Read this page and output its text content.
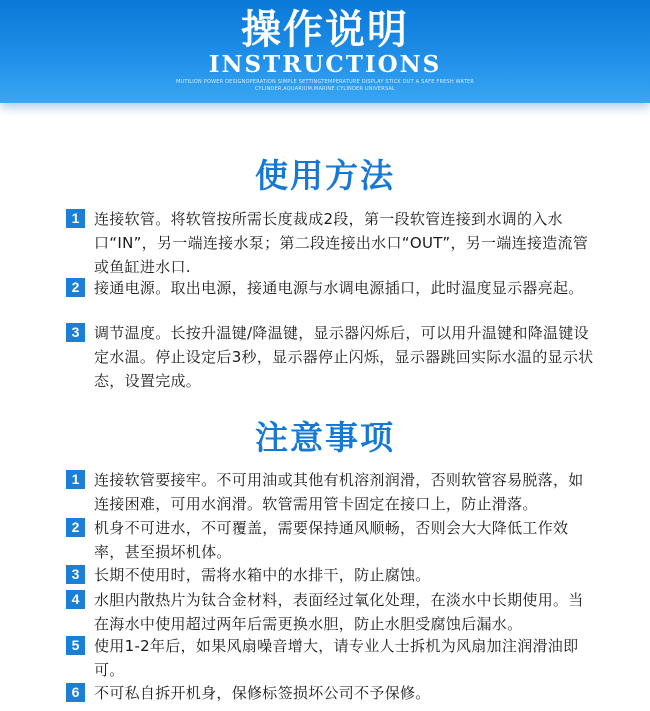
操作说明
INSTRUCTIONS
MUTILION POWER DESIGNOPERATION SIMPLE SETTINGTEMPERATURE DISPLAY STICK OUT A SAFE FRESH WATER CYLINDER,AQUARIUM,MARINE CYLINDER UNIVERSAL
使用方法
1 连接软管。将软管按所需长度裁成2段，第一段软管连接到水调的入水口“IN”，另一端连接水泵；第二段连接出水口“OUT”，另一端连接造流管或鱼缸进水口.
2 接通电源。取出电源，接通电源与水调电源插口，此时温度显示器亮起。
3 调节温度。长按升温键/降温键，显示器闪烁后，可以用升温键和降温键设定水温。停止设定后3秒，显示器停止闪烁，显示器跳回实际水温的显示状态，设置完成。
注意事项
1 连接软管要接牢。不可用油或其他有机溶剂润滑，否则软管容易脱落，如连接困难，可用水润滑。软管需用管卡固定在接口上，防止滑落。
2 机身不可进水，不可覆盖，需要保持通风顺畅，否则会大大降低工作效率，甚至损坏机体。
3 长期不使用时，需将水箱中的水排干，防止腐蚀。
4 水胆内散热片为钛合金材料，表面经过氧化处理，在淡水中长期使用。当在海水中使用超过两年后需更换水胆，防止水胆受腐蚀后漏水。
5 使用1-2年后，如果风扇噪音增大，请专业人士拆机为风扇加注润滑油即可。
6 不可私自拆开机身，保修标签损坏公司不予保修。
